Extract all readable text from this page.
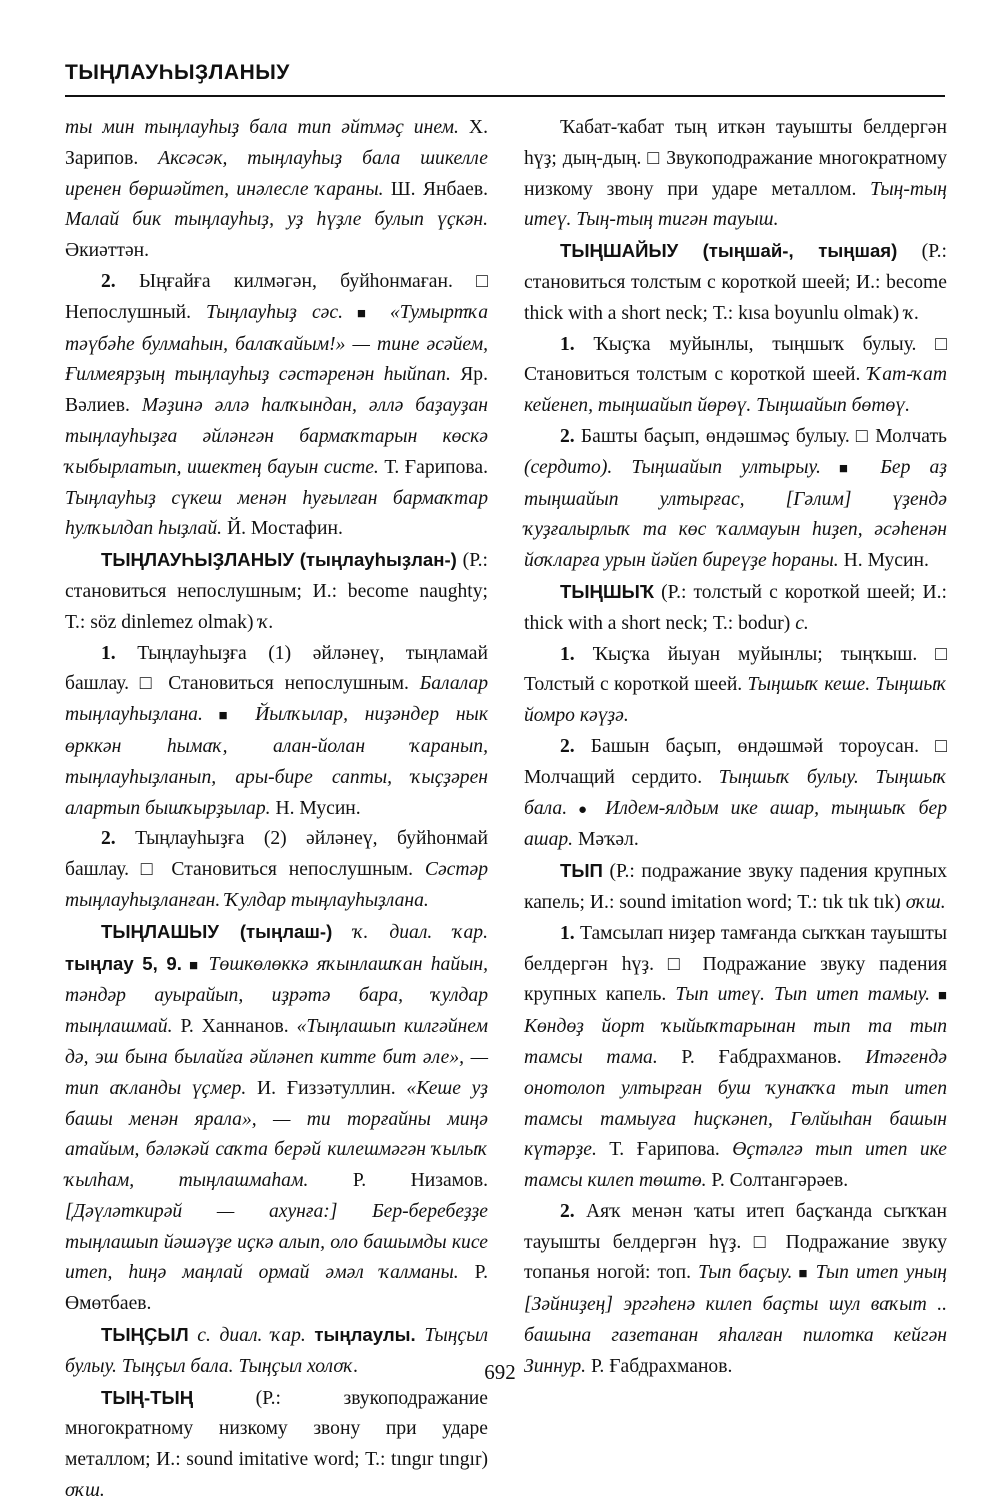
ТЫҢЛАУҺЫҘЛАНЫУ

ты мин тыңлауһыҙ бала тип әйтмәҫ инем. Х. Зарипов. Аксәсәк, тыңлауһыҙ бала шикелле иренен бөршәйтеп, инәлесле ҡараны. Ш. Янбаев. Малай бик тыңлауһыҙ, уҙ һүҙле булып үҫкән. Әкиәттән.

2. Ыңғайға килмәгән, буйһонмаған. □ Непослушный. Тыңлауһыҙ сәс. ■ «Тумыртҡа тәүбәһе булмаһын, балаҡайым!» — тине әсәйем, Ғилмеярҙың тыңлауһыҙ сәстәренән һыйпап. Яр. Вәлиев. Мәҙинә әллә һалҡындан, әллә баҙауҙан тыңлауһыҙға әйләнгән бармаҡтарын көскә ҡыбырлатып, ишектең бауын систе. Т. Ғарипова. Тыңлауһыҙ сүкеш менән һуғылған бармаҡтар һулҡылдап һыҙлай. Й. Мостафин.

ТЫҢЛАУҺЫҘЛАНЫУ (тыңлауһыҙлан-) (Р.: становиться непослушным; И.: become naughty; Т.: söz dinlemez olmak) ҡ.

1. Тыңлауһыҙға (1) әйләнеү, тыңламай башлау. □ Становиться непослушным. Балалар тыңлауһыҙлана. ■ Йылҡылар, ниҙәндер нык өрккән һымаҡ, алан-йолан ҡаранып, тыңлауһыҙланып, ары-бире сапты, ҡыҫҙәрен алартып бышҡырҙылар. Н. Мусин.

2. Тыңлауһыҙға (2) әйләнеү, буйһонмай башлау. □ Становиться непослушным. Сәстәр тыңлауһыҙланған. Ҡулдар тыңлауһыҙлана.

ТЫҢЛАШЫУ (тыңлаш-) ҡ. диал. ҡар. тыңлау 5, 9. ■ Төшкөлөккә яҡынлашҡан һайын, тәндәр ауырайып, иҙрәтә бара, ҡулдар тыңлашмай. Р. Ханнанов. «Тыңлашып килгәйнем дә, эш бына былайға әйләнеп китте бит әле», — тип аҡланды үҫмер. И. Ғиззәтуллин. «Кеше уҙ башы менән ярала», — ти торғайны миңә атайым, бәләкәй саҡта берәй килешмәгән ҡылыҡ ҡылһам, тыңлашмаһам. Р. Низамов. [Дәүләткирәй — ахунға:] Бер-беребеҙҙе тыңлашып йәшәүҙе иҫкә алып, оло башымды кисе итеп, һиңә маңлай ормай әмәл ҡалманы. Р. Өмөтбаев.

ТЫҢҪЫЛ с. диал. ҡар. тыңлаулы. Тыңҫыл булыу. Тыңҫыл бала. Тыңҫыл холоҡ.

ТЫҢ-ТЫҢ (Р.: звукоподражание многократному низкому звону при ударе металлом; И.: sound imitative word; Т.: tıngır tıngır) оҡш.

Ҡабат-ҡабат тың иткән тауышты белдергән һүҙ; дың-дың. □ Звукоподражание многократному низкому звону при ударе металлом. Тың-тың итеү. Тың-тың тигән тауыш.

ТЫҢШАЙЫУ (тыңшай-, тыңшая) (Р.: становиться толстым с короткой шеей; И.: become thick with a short neck; Т.: kısa boyunlu olmak) ҡ.

1. Ҡыҫҡа муйынлы, тыңшыҡ булыу. □ Становиться толстым с короткой шеей. Ҡат-ҡат кейенеп, тыңшайып йөрөү. Тыңшайып бөтөү.

2. Башты баҫып, өндәшмәҫ булыу. □ Молчать (сердито). Тыңшайып ултырыу. ■ Бер аҙ тыңшайып ултырғас, [Гәлим] үҙендә ҡуҙғалырлыҡ та көс ҡалмауын һиҙеп, әсәһенән йоҡларға урын йәйеп биреүҙе һораны. Н. Мусин.

ТЫҢШЫҠ (Р.: толстый с короткой шеей; И.: thick with a short neck; Т.: bodur) с.

1. Ҡыҫҡа йыуан муйынлы; тыңҡыш. □ Толстый с короткой шеей. Тыңшыҡ кеше. Тыңшыҡ йомро кәүҙә.

2. Башын баҫып, өндәшмәй тороусан. □ Молчащий сердито. Тыңшыҡ булыу. Тыңшыҡ бала. ● Илдем-ялдым ике ашар, тыңшыҡ бер ашар. Мәҡәл.

ТЫП (Р.: подражание звуку падения крупных капель; И.: sound imitation word; Т.: tık tık tık) оҡш.

1. Тамсылап ниҙер тамғанда сыҡҡан тауышты белдергән һүҙ. □ Подражание звуку падения крупных капель. Тып итеү. Тып итеп тамыу. ■ Көндөҙ йорт ҡыйыҡтарынан тып та тып тамсы тама. Р. Ғабдрахманов. Итәгендә онотолоп ултырған буш ҡунаҡҡа тып итеп тамсы тамыуға һиҫкәнеп, Гөлйыһан башын күтәрҙе. Т. Ғарипова. Өҫтәлгә тып итеп ике тамсы килеп төштө. Р. Солтангәрәев.

2. Аяҡ менән ҡаты итеп баҫҡанда сыҡҡан тауышты белдергән һүҙ. □ Подражание звуку топанья ногой: топ. Тып баҫыу. ■ Тып итеп уның [Зәйниҙең] эргәһенә килеп баҫты шул ваҡыт .. башына газетанан яһалған пилотка кейгән Зиннур. Р. Ғабдрахманов.

692
